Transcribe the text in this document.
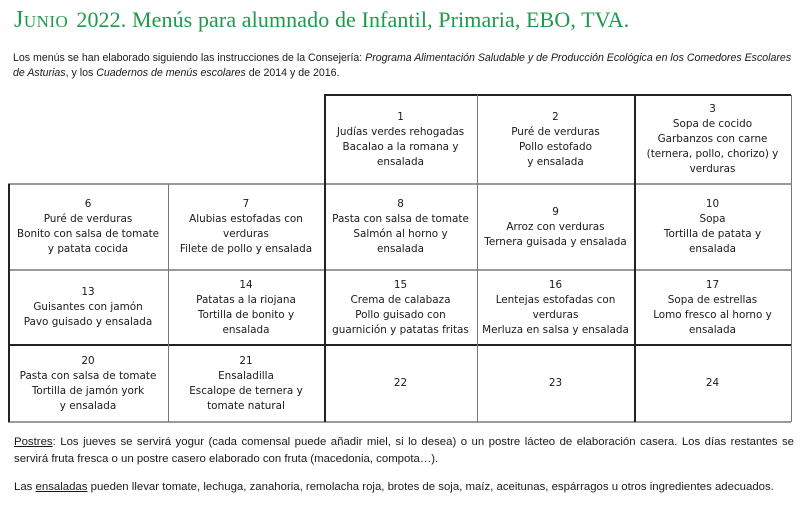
Junio 2022. Menús para alumnado de Infantil, Primaria, EBO, TVA.
Los menús se han elaborado siguiendo las instrucciones de la Consejería: Programa Alimentación Saludable y de Producción Ecológica en los Comedores Escolares de Asturias, y los Cuadernos de menús escolares de 2014 y de 2016.
1
Judías verdes rehogadas
Bacalao a la romana y
ensalada
2
Puré de verduras
Pollo estofado
y ensalada
3
Sopa de cocido
Garbanzos con carne
(ternera, pollo, chorizo) y
verduras
6
Puré de verduras
Bonito con salsa de tomate
y patata cocida
7
Alubias estofadas con
verduras
Filete de pollo y ensalada
8
Pasta con salsa de tomate
Salmón al horno y
ensalada
9
Arroz con verduras
Ternera guisada y ensalada
10
Sopa
Tortilla de patata y
ensalada
13
Guisantes con jamón
Pavo guisado y ensalada
14
Patatas a la riojana
Tortilla de bonito y
ensalada
15
Crema de calabaza
Pollo guisado con
guarnición y patatas fritas
16
Lentejas estofadas con
verduras
Merluza en salsa y ensalada
17
Sopa de estrellas
Lomo fresco al horno y
ensalada
20
Pasta con salsa de tomate
Tortilla de jamón york
y ensalada
21
Ensaladilla
Escalope de ternera y
tomate natural
22	23	24
Postres: Los jueves se servirá yogur (cada comensal puede añadir miel, si lo desea) o un postre lácteo de elaboración casera. Los días restantes se servirá fruta fresca o un postre casero elaborado con fruta (macedonia, compota…).
Las ensaladas pueden llevar tomate, lechuga, zanahoria, remolacha roja, brotes de soja, maíz, aceitunas, espárragos u otros ingredientes adecuados.
